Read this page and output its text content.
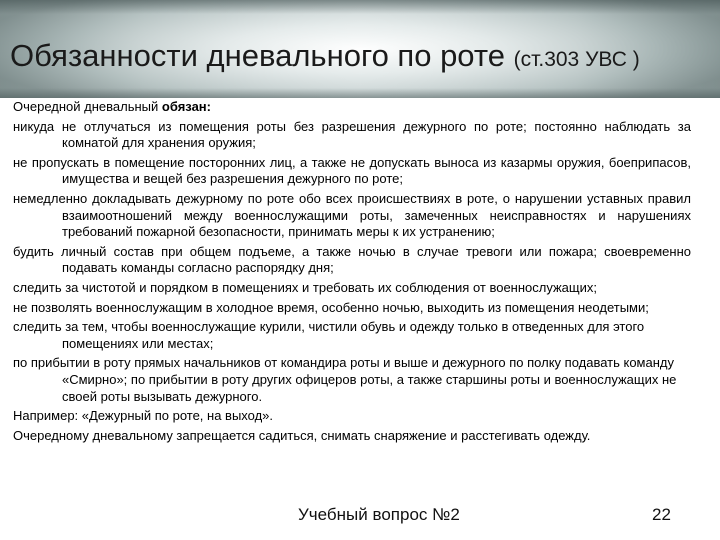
Обязанности дневального по роте (ст.303 УВС )

Очередной дневальный обязан:

никуда не отлучаться из помещения роты без разрешения дежурного по роте; постоянно наблюдать за комнатой для хранения оружия;

не пропускать в помещение посторонних лиц, а также не допускать выноса из казармы оружия, боеприпасов, имущества и вещей без разрешения дежурного по роте;

немедленно докладывать дежурному по роте обо всех происшествиях в роте, о нарушении уставных правил взаимоотношений между военнослужащими роты, замеченных неисправностях и нарушениях требований пожарной безопасности, принимать меры к их устранению;

будить личный состав при общем подъеме, а также ночью в случае тревоги или пожара; своевременно подавать команды согласно распорядку дня;

следить за чистотой и порядком в помещениях и требовать их соблюдения от военнослужащих;

не позволять военнослужащим в холодное время, особенно ночью, выходить из помещения неодетыми;

следить за тем, чтобы военнослужащие курили, чистили обувь и одежду только в отведенных для этого помещениях или местах;

по прибытии в роту прямых начальников от командира роты и выше и дежурного по полку подавать команду «Смирно»; по прибытии в роту других офицеров роты, а также старшины роты и военнослужащих не своей роты вызывать дежурного.

Например: «Дежурный по роте, на выход».

Очередному дневальному запрещается садиться, снимать снаряжение и расстегивать одежду.

Учебный вопрос №2	22
